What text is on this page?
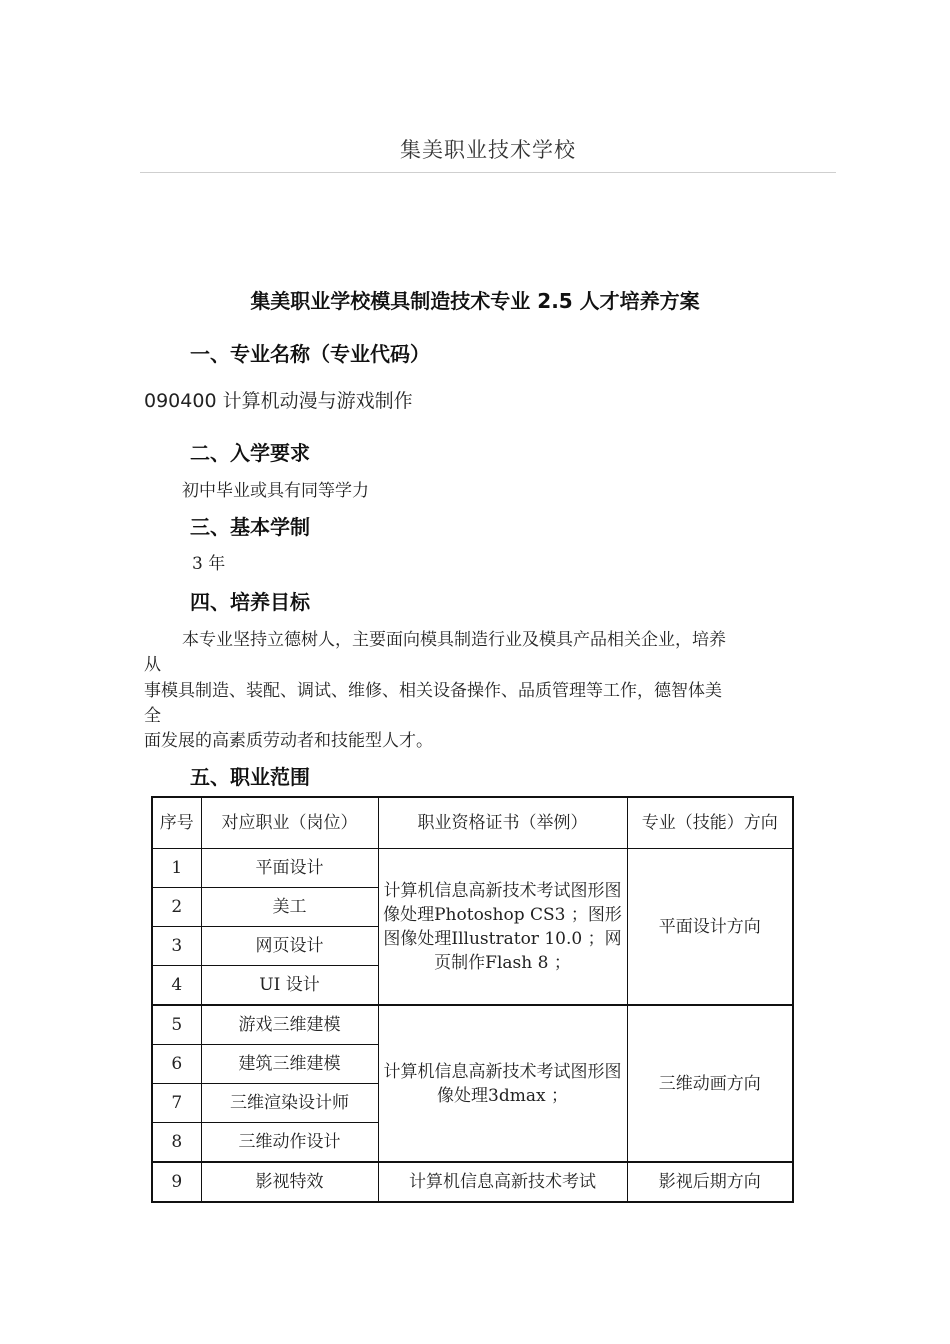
集美职业技术学校
集美职业学校模具制造技术专业 2.5 人才培养方案
一、专业名称（专业代码）
090400 计算机动漫与游戏制作
二、入学要求
初中毕业或具有同等学力
三、基本学制
3 年
四、培养目标
本专业坚持立德树人，主要面向模具制造行业及模具产品相关企业，培养
从
事模具制造、装配、调试、维修、相关设备操作、品质管理等工作，德智体美
全
面发展的高素质劳动者和技能型人才。
五、职业范围
序号	对应职业（岗位）	职业资格证书（举例）	专业（技能）方向
1	平面设计	计算机信息高新技术考试图形图像处理Photoshop CS3 ；图形图像处理Illustrator 10.0 ；网页制作Flash 8 ；	平面设计方向
2	美工		
3	网页设计		
4	UI 设计		
5	游戏三维建模	计算机信息高新技术考试图形图像处理3dmax ；	三维动画方向
6	建筑三维建模		
7	三维渲染设计师		
8	三维动作设计		
9	影视特效	计算机信息高新技术考试	影视后期方向
